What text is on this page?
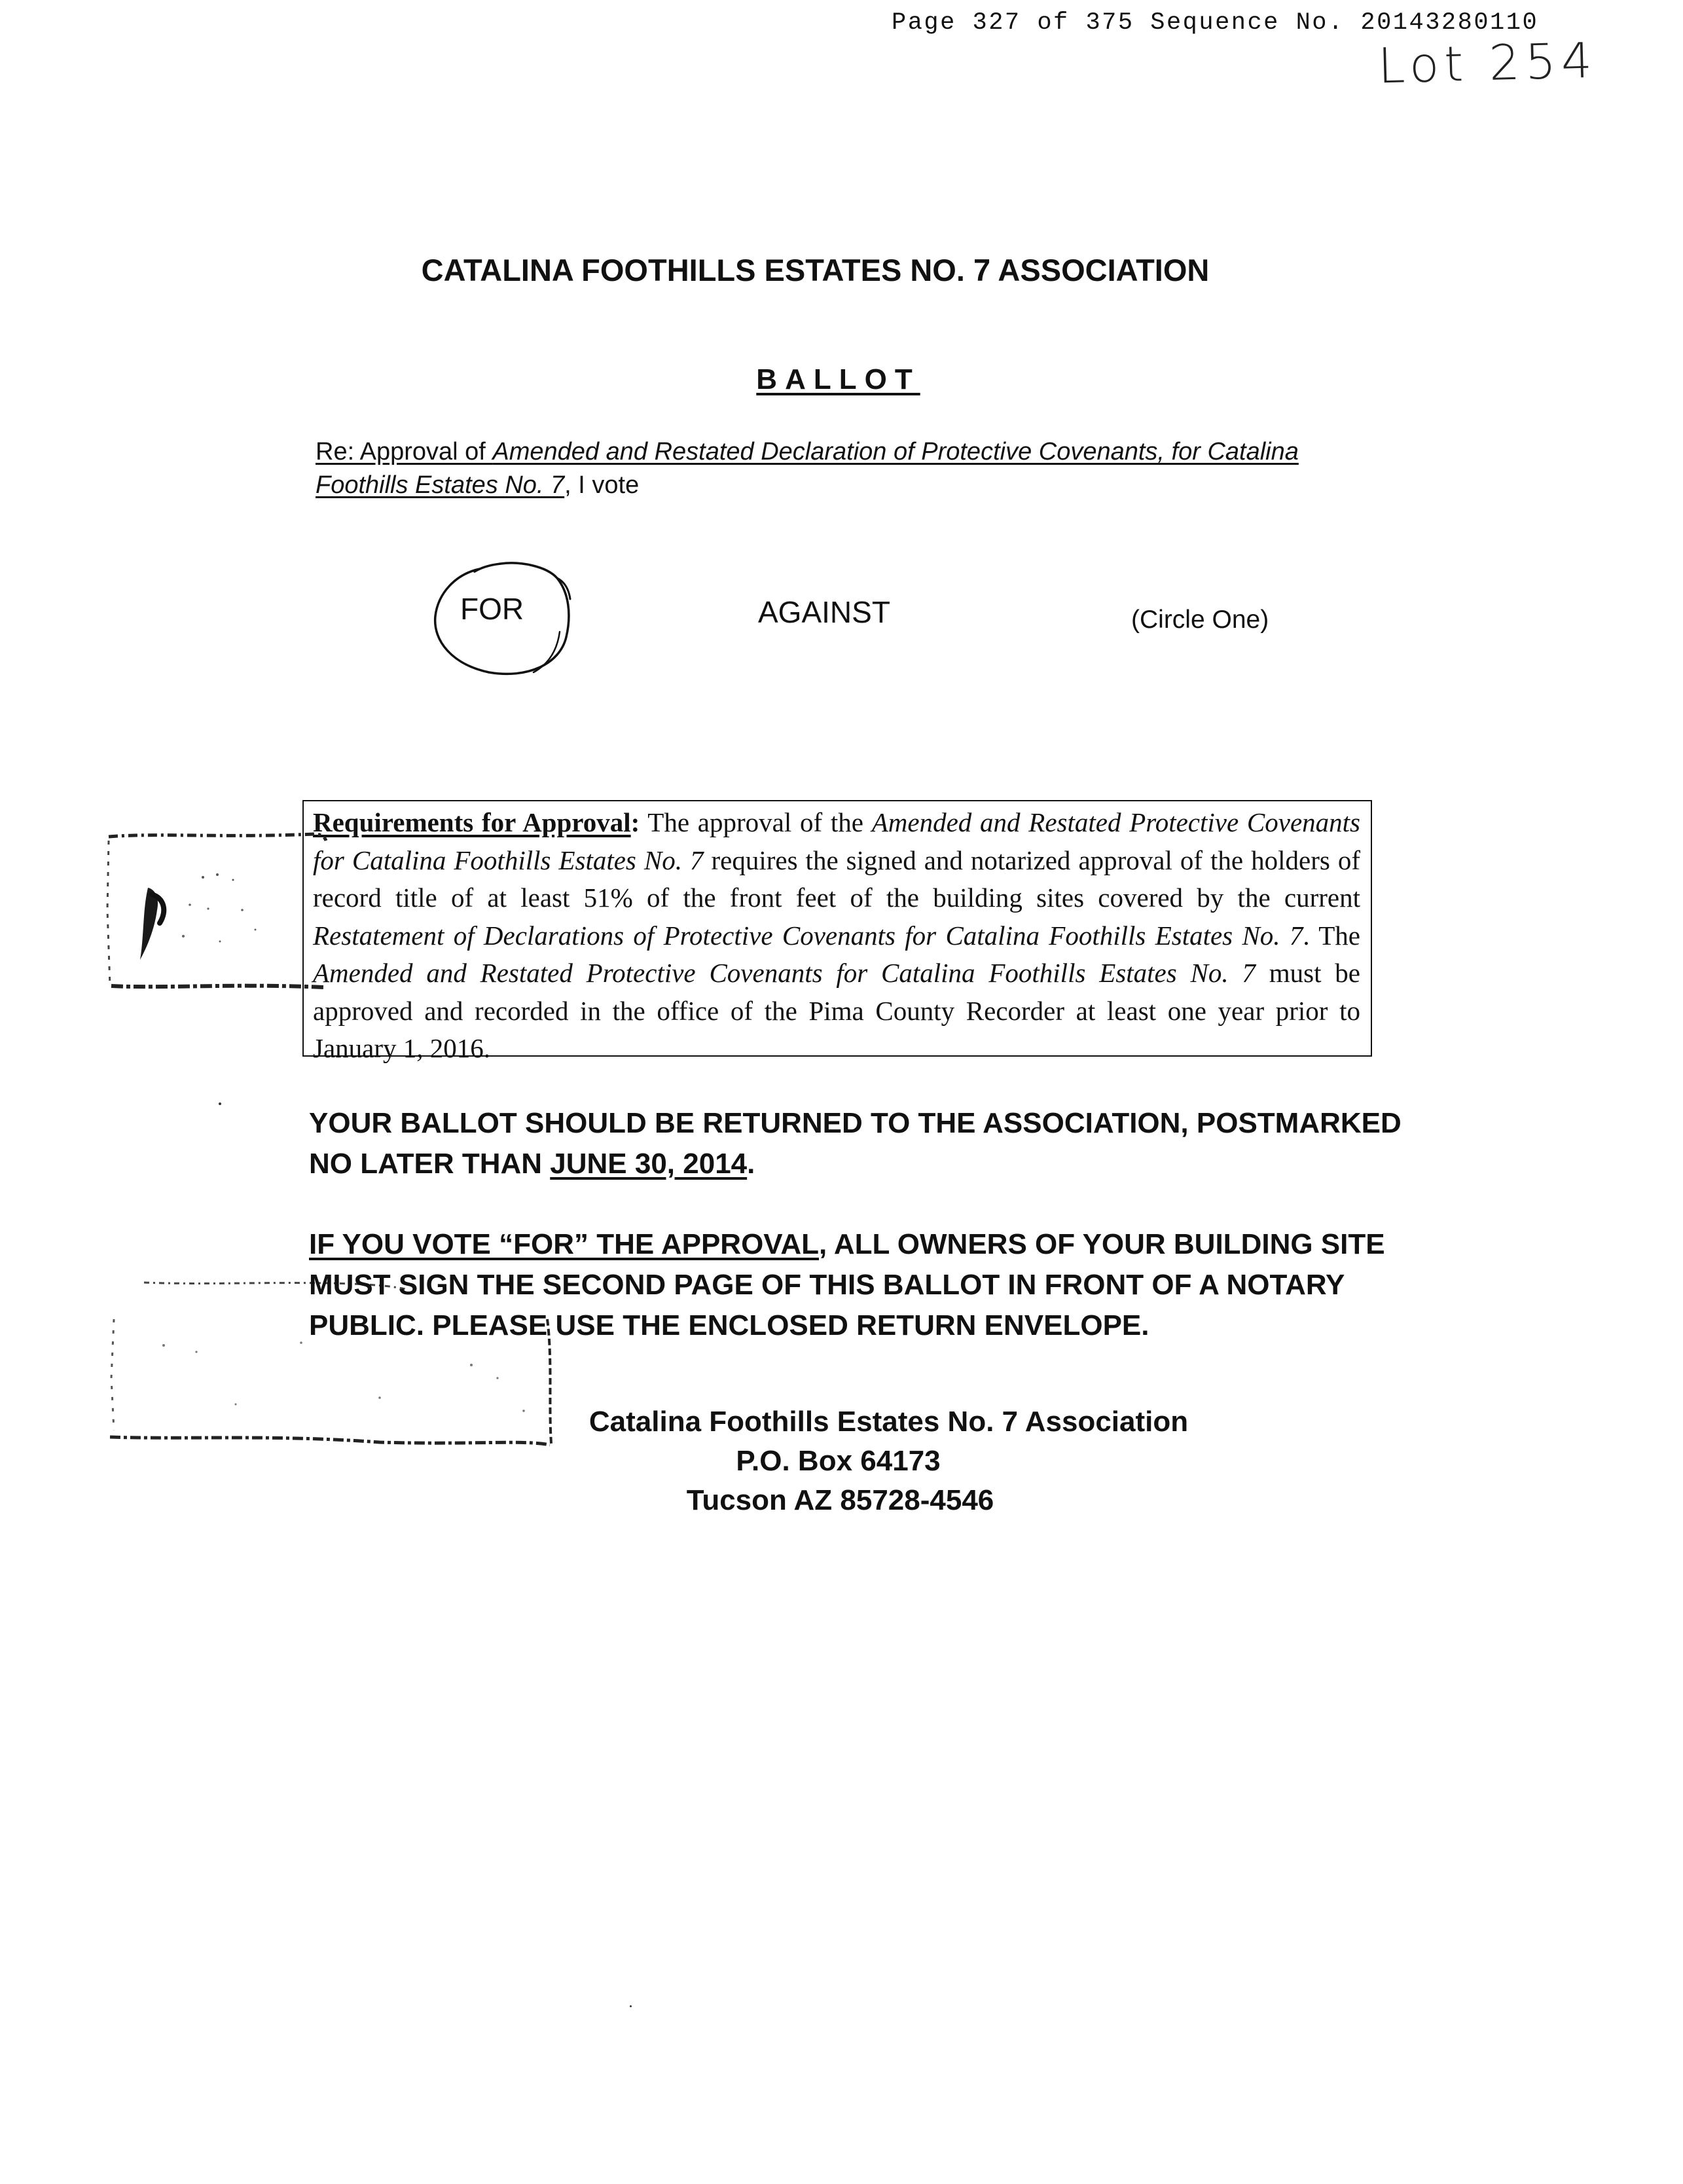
Page 327 of 375 Sequence No. 20143280110
Lot 254
CATALINA FOOTHILLS ESTATES NO. 7 ASSOCIATION
BALLOT
Re: Approval of Amended and Restated Declaration of Protective Covenants, for Catalina Foothills Estates No. 7, I vote
FOR	AGAINST	(Circle One)
Requirements for Approval: The approval of the Amended and Restated Protective Covenants for Catalina Foothills Estates No. 7 requires the signed and notarized approval of the holders of record title of at least 51% of the front feet of the building sites covered by the current Restatement of Declarations of Protective Covenants for Catalina Foothills Estates No. 7. The Amended and Restated Protective Covenants for Catalina Foothills Estates No. 7 must be approved and recorded in the office of the Pima County Recorder at least one year prior to January 1, 2016.
YOUR BALLOT SHOULD BE RETURNED TO THE ASSOCIATION, POSTMARKED NO LATER THAN JUNE 30, 2014.
IF YOU VOTE “FOR” THE APPROVAL, ALL OWNERS OF YOUR BUILDING SITE MUST SIGN THE SECOND PAGE OF THIS BALLOT IN FRONT OF A NOTARY PUBLIC. PLEASE USE THE ENCLOSED RETURN ENVELOPE.
Catalina Foothills Estates No. 7 Association
P.O. Box 64173
Tucson AZ 85728-4546
